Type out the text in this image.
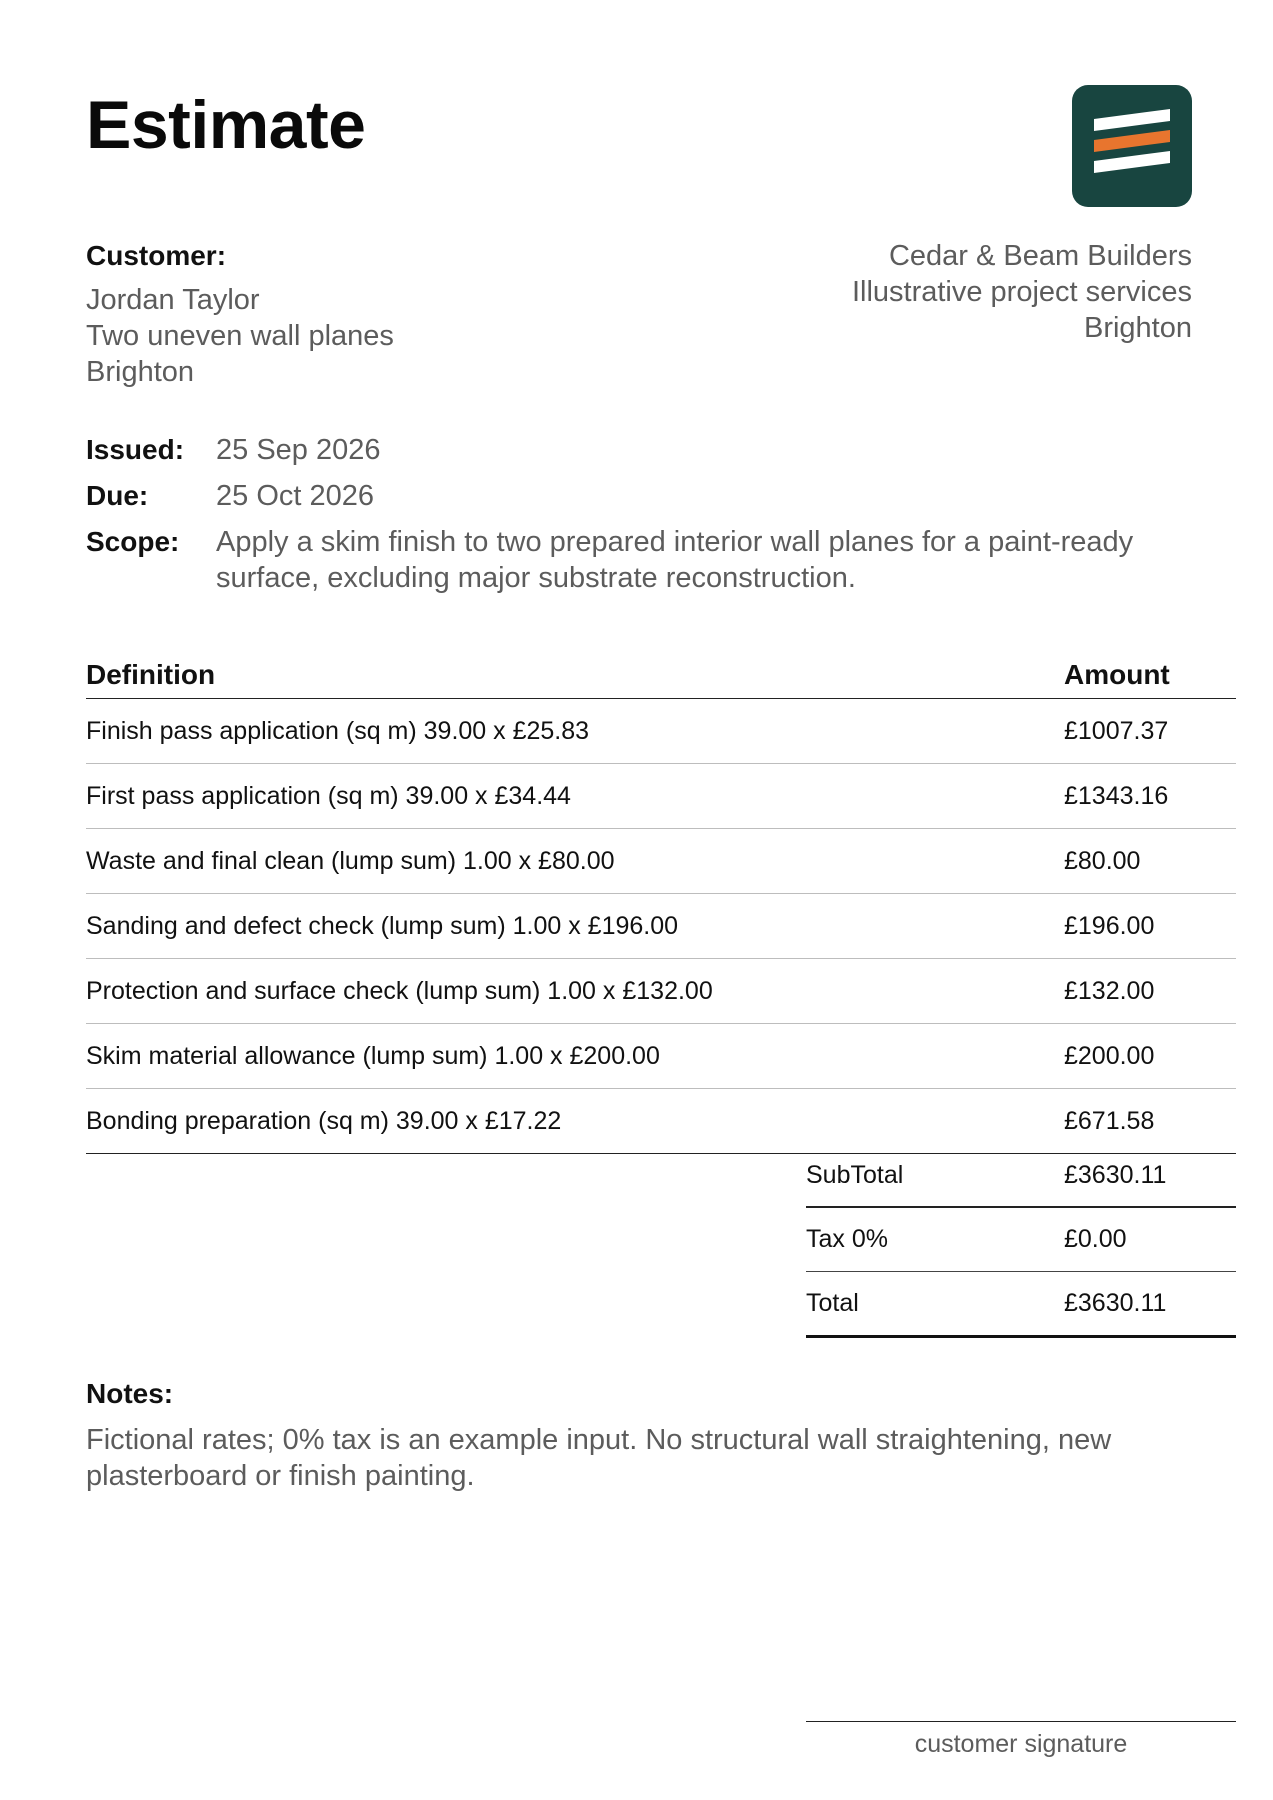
Estimate
Customer:
Jordan Taylor
Two uneven wall planes
Brighton
Cedar & Beam Builders
Illustrative project services
Brighton
Issued:	25 Sep 2026
Due:	25 Oct 2026
Scope:	Apply a skim finish to two prepared interior wall planes for a paint-ready surface, excluding major substrate reconstruction.
Definition	Amount
Finish pass application (sq m) 39.00 x £25.83	£1007.37
First pass application (sq m) 39.00 x £34.44	£1343.16
Waste and final clean (lump sum) 1.00 x £80.00	£80.00
Sanding and defect check (lump sum) 1.00 x £196.00	£196.00
Protection and surface check (lump sum) 1.00 x £132.00	£132.00
Skim material allowance (lump sum) 1.00 x £200.00	£200.00
Bonding preparation (sq m) 39.00 x £17.22	£671.58
SubTotal	£3630.11
Tax 0%	£0.00
Total	£3630.11
Notes:
Fictional rates; 0% tax is an example input. No structural wall straightening, new plasterboard or finish painting.
customer signature
